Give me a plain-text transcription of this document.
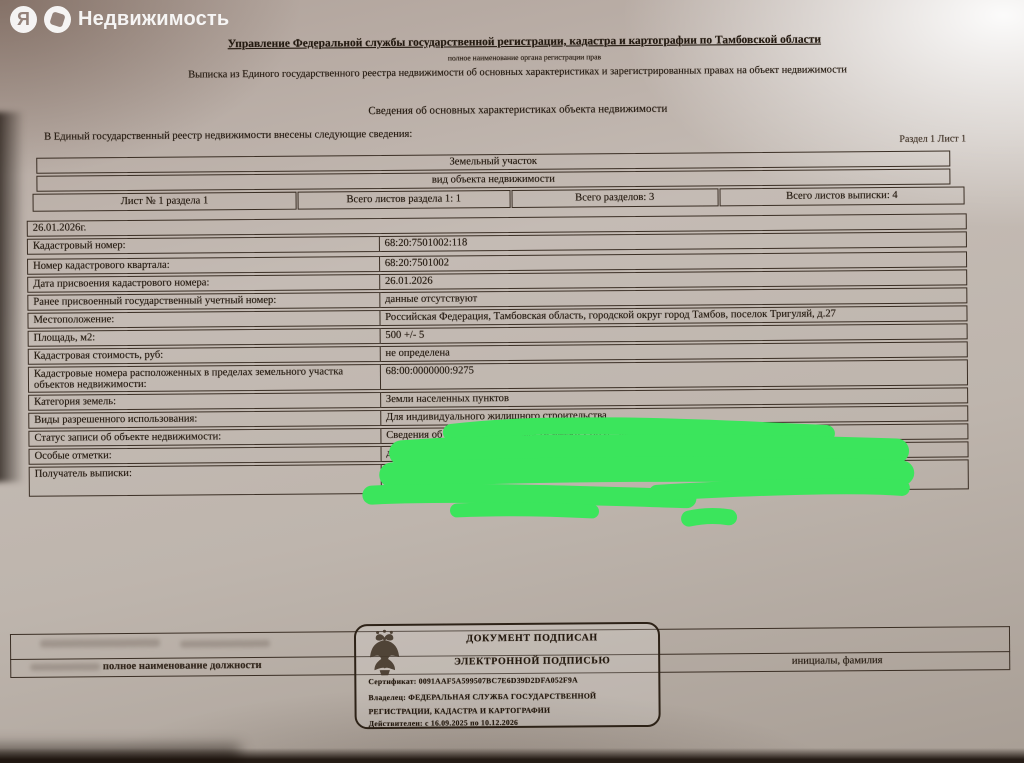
Я	Недвижимость
Управление Федеральной службы государственной регистрации, кадастра и картографии по Тамбовской области
полное наименование органа регистрации прав
Выписка из Единого государственного реестра недвижимости об основных характеристиках и зарегистрированных правах на объект недвижимости
Сведения об основных характеристиках объекта недвижимости
В Единый государственный реестр недвижимости внесены следующие сведения:	Раздел 1 Лист 1
Земельный участок
вид объекта недвижимости
Лист № 1 раздела 1	Всего листов раздела 1: 1	Всего разделов: 3	Всего листов выписки: 4
26.01.2026г.
Кадастровый номер:	68:20:7501002:118
Номер кадастрового квартала:	68:20:7501002
Дата присвоения кадастрового номера:	26.01.2026
Ранее присвоенный государственный учетный номер:	данные отсутствуют
Местоположение:	Российская Федерация, Тамбовская область, городской округ город Тамбов, поселок Тригуляй, д.27
Площадь, м2:	500 +/- 5
Кадастровая стоимость, руб:	не определена
Кадастровые номера расположенных в пределах земельного участка объектов недвижимости:
68:00:0000000:9275
Категория земель:	Земли населенных пунктов
Виды разрешенного использования:	Для индивидуального жилищного строительства
Статус записи об объекте недвижимости:	Сведения об объекте недвижимости имеют статус "актуальные"
Особые отметки:	данные от
Получатель выписки:	К	ител	),
вича
полное наименование должности	инициалы, фамилия
ДОКУМЕНТ ПОДПИСАН
ЭЛЕКТРОННОЙ ПОДПИСЬЮ
Сертификат: 0091AAF5A599507BC7E6D39D2DFA052F9A
Владелец: ФЕДЕРАЛЬНАЯ СЛУЖБА ГОСУДАРСТВЕННОЙ
РЕГИСТРАЦИИ, КАДАСТРА И КАРТОГРАФИИ
Действителен: с 16.09.2025 по 10.12.2026
